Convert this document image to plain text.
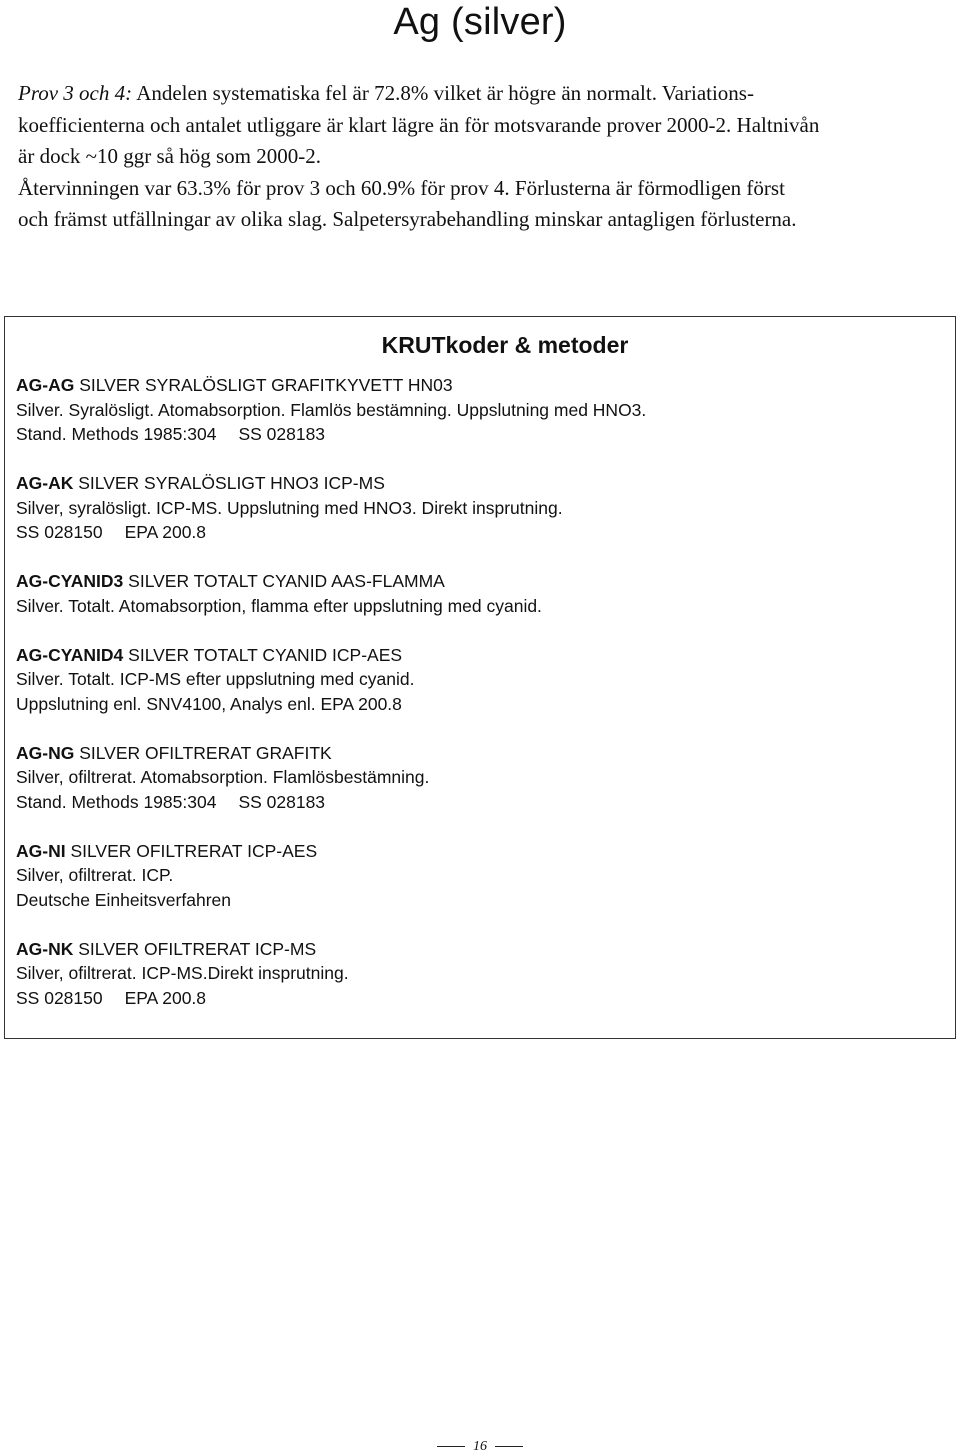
Ag (silver)
Prov 3 och 4: Andelen systematiska fel är 72.8% vilket är högre än normalt. Variations-
koefficienterna och antalet utliggare är klart lägre än för motsvarande prover 2000-2. Haltnivån
är dock ~10 ggr så hög som 2000-2.
Återvinningen var 63.3% för prov 3 och 60.9% för prov 4. Förlusterna är förmodligen först
och främst utfällningar av olika slag. Salpetersyrabehandling minskar antagligen förlusterna.
KRUTkoder & metoder
AG-AG SILVER SYRALÖSLIGT GRAFITKYVETT HN03
Silver. Syralösligt. Atomabsorption. Flamlös bestämning. Uppslutning med HNO3.
Stand. Methods 1985:304 SS 028183
AG-AK SILVER SYRALÖSLIGT HNO3 ICP-MS
Silver, syralösligt. ICP-MS. Uppslutning med HNO3. Direkt insprutning.
SS 028150 EPA 200.8
AG-CYANID3 SILVER TOTALT CYANID AAS-FLAMMA
Silver. Totalt. Atomabsorption, flamma efter uppslutning med cyanid.
AG-CYANID4 SILVER TOTALT CYANID ICP-AES
Silver. Totalt. ICP-MS efter uppslutning med cyanid.
Uppslutning enl. SNV4100, Analys enl. EPA 200.8
AG-NG SILVER OFILTRERAT GRAFITK
Silver, ofiltrerat. Atomabsorption. Flamlösbestämning.
Stand. Methods 1985:304 SS 028183
AG-NI SILVER OFILTRERAT ICP-AES
Silver, ofiltrerat. ICP.
Deutsche Einheitsverfahren
AG-NK SILVER OFILTRERAT ICP-MS
Silver, ofiltrerat. ICP-MS.Direkt insprutning.
SS 028150 EPA 200.8
16
